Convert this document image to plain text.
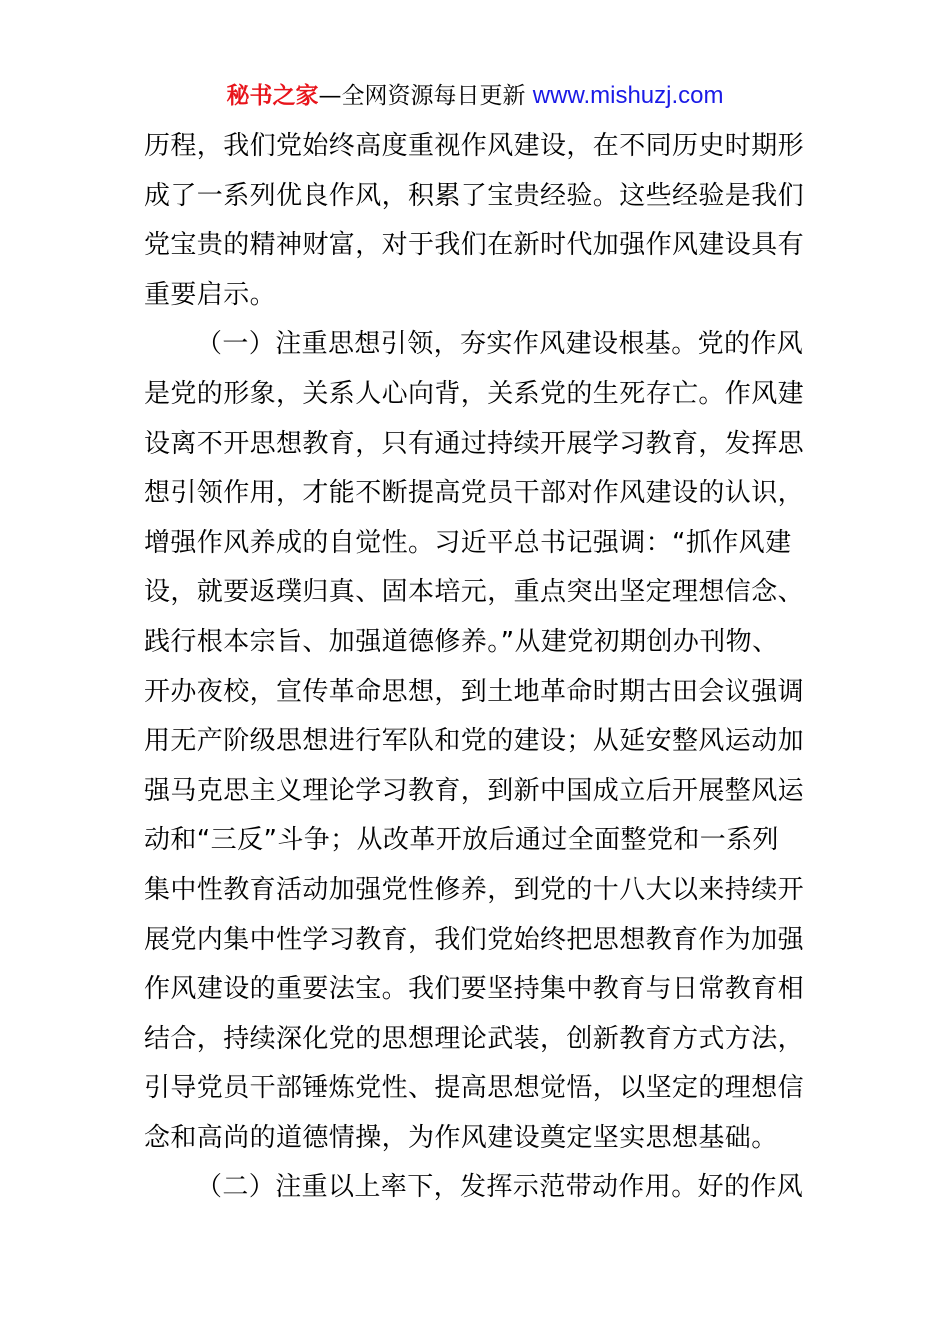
秘书之家—全网资源每日更新 www.mishuzj.com
历程，我们党始终高度重视作风建设，在不同历史时期形
成了一系列优良作风，积累了宝贵经验。这些经验是我们
党宝贵的精神财富，对于我们在新时代加强作风建设具有
重要启示。
（一）注重思想引领，夯实作风建设根基。党的作风
是党的形象，关系人心向背，关系党的生死存亡。作风建
设离不开思想教育，只有通过持续开展学习教育，发挥思
想引领作用，才能不断提高党员干部对作风建设的认识，
增强作风养成的自觉性。习近平总书记强调：“抓作风建
设，就要返璞归真、固本培元，重点突出坚定理想信念、
践行根本宗旨、加强道德修养。”从建党初期创办刊物、
开办夜校，宣传革命思想，到土地革命时期古田会议强调
用无产阶级思想进行军队和党的建设；从延安整风运动加
强马克思主义理论学习教育，到新中国成立后开展整风运
动和“三反”斗争；从改革开放后通过全面整党和一系列
集中性教育活动加强党性修养，到党的十八大以来持续开
展党内集中性学习教育，我们党始终把思想教育作为加强
作风建设的重要法宝。我们要坚持集中教育与日常教育相
结合，持续深化党的思想理论武装，创新教育方式方法，
引导党员干部锤炼党性、提高思想觉悟，以坚定的理想信
念和高尚的道德情操，为作风建设奠定坚实思想基础。
（二）注重以上率下，发挥示范带动作用。好的作风
